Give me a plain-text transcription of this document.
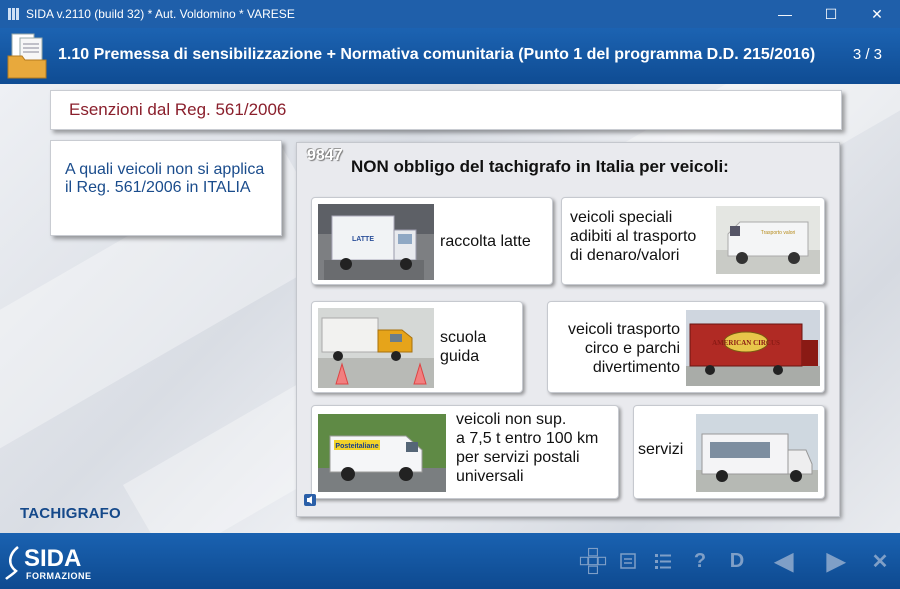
SIDA v.2110 (build 32) * Aut. Voldomino * VARESE	—	☐	✕
1.10 Premessa di sensibilizzazione + Normativa comunitaria (Punto 1 del programma D.D. 215/2016)	3 / 3
Esenzioni dal Reg. 561/2006
A quali veicoli non si applica il Reg. 561/2006 in ITALIA
9847
NON obbligo del tachigrafo in Italia per veicoli:
LATTE	raccolta latte
veicoli speciali
adibiti al trasporto
di denaro/valori
Trasporto valori
scuola
guida
veicoli trasporto
circo e parchi
divertimento
AMERICAN CIRCUS
Posteitaliane
veicoli non sup.
a 7,5 t entro 100 km
per servizi postali
universali
servizi
TACHIGRAFO
SIDA
FORMAZIONE
? D ◀ ▶ ✕
